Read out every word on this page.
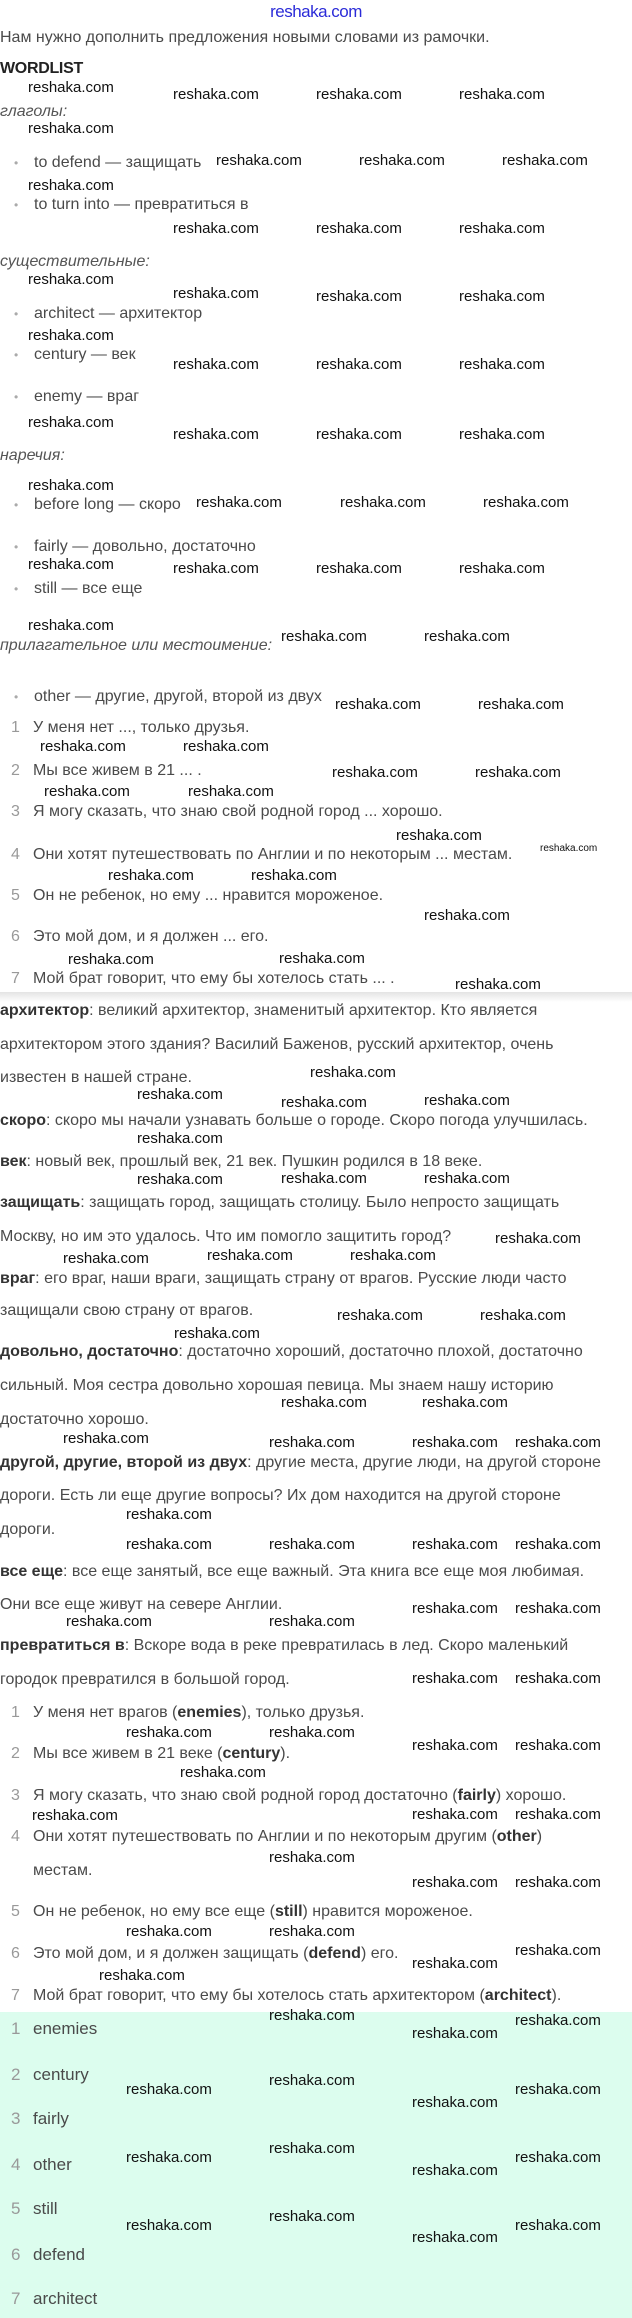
reshaka.com
Нам нужно дополнить предложения новыми словами из рамочки.
WORDLIST
глаголы:
• to defend — защищать
• to turn into — превратиться в
существительные:
• architect — архитектор
• century — век
• enemy — враг
наречия:
• before long — скоро
• fairly — довольно, достаточно
• still — все еще
прилагательное или местоимение:
• other — другие, другой, второй из двух
1 У меня нет ..., только друзья.
2 Мы все живем в 21 ... .
3 Я могу сказать, что знаю свой родной город ... хорошо.
4 Они хотят путешествовать по Англии и по некоторым ... местам.
5 Он не ребенок, но ему ... нравится мороженое.
6 Это мой дом, и я должен ... его.
7 Мой брат говорит, что ему бы хотелось стать ... .
архитектор: великий архитектор, знаменитый архитектор. Кто является
архитектором этого здания? Василий Баженов, русский архитектор, очень
известен в нашей стране.
скоро: скоро мы начали узнавать больше о городе. Скоро погода улучшилась.
век: новый век, прошлый век, 21 век. Пушкин родился в 18 веке.
защищать: защищать город, защищать столицу. Было непросто защищать
Москву, но им это удалось. Что им помогло защитить город?
враг: его враг, наши враги, защищать страну от врагов. Русские люди часто
защищали свою страну от врагов.
довольно, достаточно: достаточно хороший, достаточно плохой, достаточно
сильный. Моя сестра довольно хорошая певица. Мы знаем нашу историю
достаточно хорошо.
другой, другие, второй из двух: другие места, другие люди, на другой стороне
дороги. Есть ли еще другие вопросы? Их дом находится на другой стороне
дороги.
все еще: все еще занятый, все еще важный. Эта книга все еще моя любимая.
Они все еще живут на севере Англии.
превратиться в: Вскоре вода в реке превратилась в лед. Скоро маленький
городок превратился в большой город.
1 У меня нет врагов (enemies), только друзья.
2 Мы все живем в 21 веке (century).
3 Я могу сказать, что знаю свой родной город достаточно (fairly) хорошо.
4 Они хотят путешествовать по Англии и по некоторым другим (other)
местам.
5 Он не ребенок, но ему все еще (still) нравится мороженое.
6 Это мой дом, и я должен защищать (defend) его.
7 Мой брат говорит, что ему бы хотелось стать архитектором (architect).
1 enemies
2 century
3 fairly
4 other
5 still
6 defend
7 architect
reshaka.com	reshaka.com	reshaka.com	reshaka.com
reshaka.com
reshaka.com	reshaka.com	reshaka.com
reshaka.com
reshaka.com	reshaka.com	reshaka.com
reshaka.com
reshaka.com	reshaka.com	reshaka.com
reshaka.com
reshaka.com	reshaka.com	reshaka.com
reshaka.com
reshaka.com	reshaka.com	reshaka.com
reshaka.com
reshaka.com	reshaka.com	reshaka.com
reshaka.com	reshaka.com	reshaka.com	reshaka.com
reshaka.com
reshaka.com	reshaka.com
reshaka.com	reshaka.com
reshaka.com	reshaka.com
reshaka.com	reshaka.com
reshaka.com	reshaka.com
reshaka.com
reshaka.com	reshaka.com
reshaka.com
reshaka.com	reshaka.com
reshaka.com
reshaka.com
reshaka.com
reshaka.com
reshaka.com
reshaka.com
reshaka.com	reshaka.com	reshaka.com
reshaka.com	reshaka.com
reshaka.com
reshaka.com
reshaka.com	reshaka.com
reshaka.com
reshaka.com
reshaka.com	reshaka.com
reshaka.com
reshaka.com	reshaka.com reshaka.com
reshaka.com	reshaka.com	reshaka.com reshaka.com
reshaka.com	reshaka.com
reshaka.com reshaka.com
reshaka.com	reshaka.com
reshaka.com reshaka.com
reshaka.com reshaka.com
reshaka.com
reshaka.com reshaka.com
reshaka.com
reshaka.com
reshaka.com reshaka.com
reshaka.com	reshaka.com
reshaka.com
reshaka.com
reshaka.com
reshaka.com	reshaka.com
reshaka.com
reshaka.com
reshaka.com	reshaka.com
reshaka.com
reshaka.com
reshaka.com	reshaka.com
reshaka.com
reshaka.com
reshaka.com	reshaka.com
reshaka.com
reshaka.com
